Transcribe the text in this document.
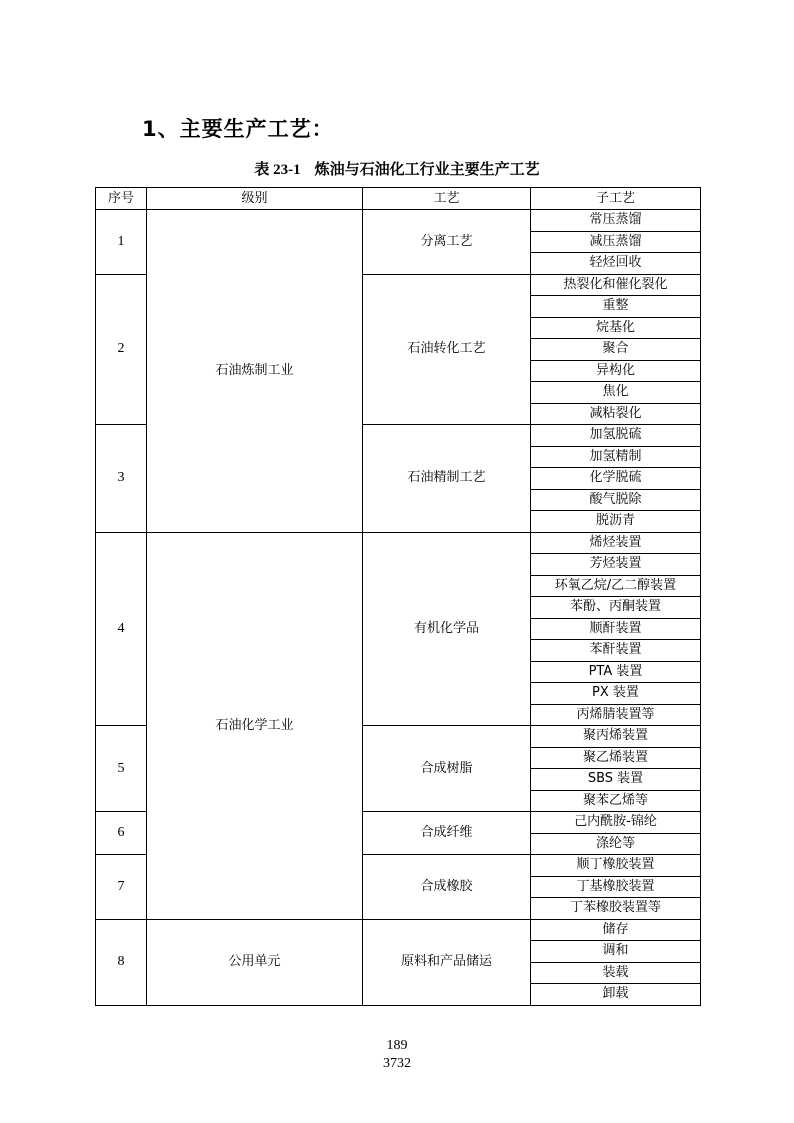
1、主要生产工艺：
表 23-1 炼油与石油化工行业主要生产工艺
序号	级别	工艺	子工艺
1	石油炼制工业	分离工艺	常压蒸馏
			减压蒸馏
			轻烃回收
2		石油转化工艺	热裂化和催化裂化
			重整
			烷基化
			聚合
			异构化
			焦化
			减粘裂化
3		石油精制工艺	加氢脱硫
			加氢精制
			化学脱硫
			酸气脱除
			脱沥青
4	石油化学工业	有机化学品	烯烃装置
			芳烃装置
			环氧乙烷/乙二醇装置
			苯酚、丙酮装置
			顺酐装置
			苯酐装置
			PTA 装置
			PX 装置
			丙烯腈装置等
5		合成树脂	聚丙烯装置
			聚乙烯装置
			SBS 装置
			聚苯乙烯等
6		合成纤维	己内酰胺-锦纶
			涤纶等
7		合成橡胶	顺丁橡胶装置
			丁基橡胶装置
			丁苯橡胶装置等
8	公用单元	原料和产品储运	储存
			调和
			装载
			卸载
189
3732
